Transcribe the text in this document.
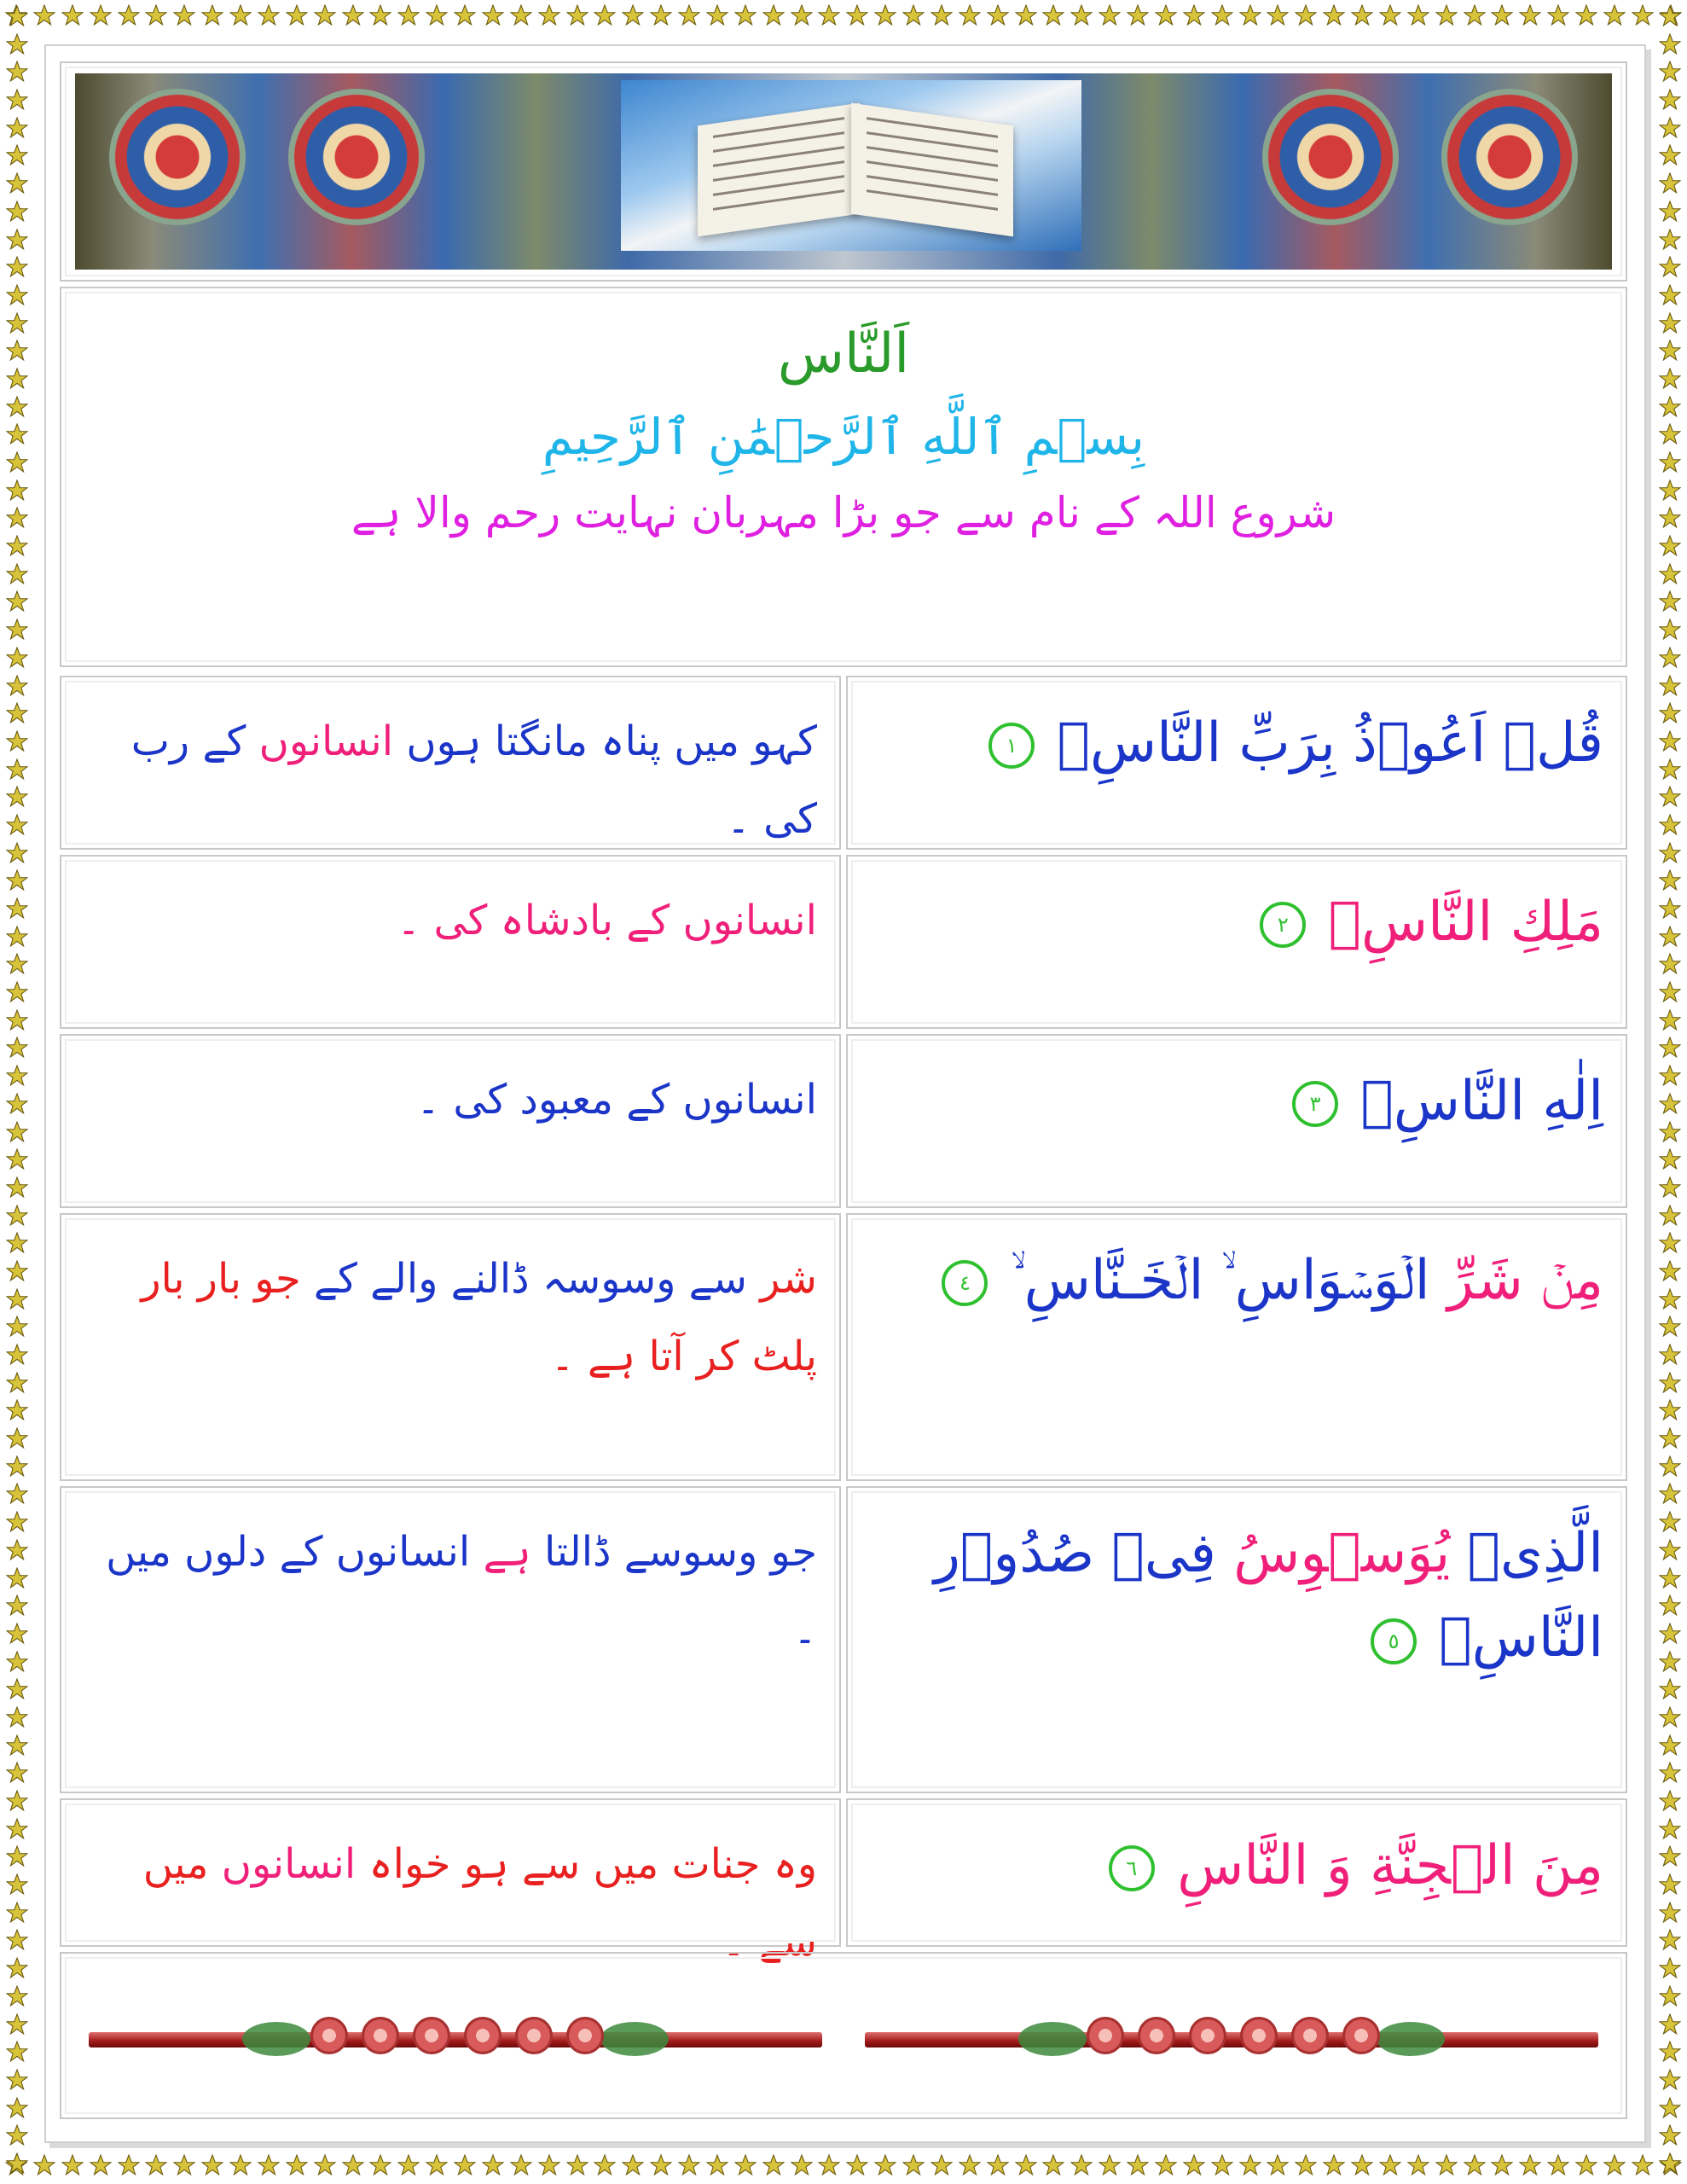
اَلنَّاس
بِسۡمِ ٱللَّهِ ٱلرَّحۡمَٰنِ ٱلرَّحِيمِ
شروع اللہ کے نام سے جو بڑا مہربان نہایت رحم والا ہے
کہو میں پناہ مانگتا ہوں انسانوں کے رب کی ۔
قُلۡ اَعُوۡذُ بِرَبِّ النَّاسِۙ ١
انسانوں کے بادشاہ کی ۔	مَلِكِ النَّاسِۙ ٢
انسانوں کے معبود کی ۔	اِلٰهِ النَّاسِۙ ٣
شر سے وسوسہ ڈالنے والے کے جو بار بار پلٹ کر آتا ہے ۔
مِنۡ شَرِّ الۡوَسۡوَاسِ ۙ الۡخَـنَّاسِ ۙ ٤
جو وسوسے ڈالتا ہے انسانوں کے دلوں میں ۔
الَّذِىۡ يُوَسۡوِسُ فِىۡ صُدُوۡرِ النَّاسِۙ ٥
وہ جنات میں سے ہو خواہ انسانوں میں سے ۔
مِنَ الۡجِنَّةِ وَ النَّاسِ ٦
